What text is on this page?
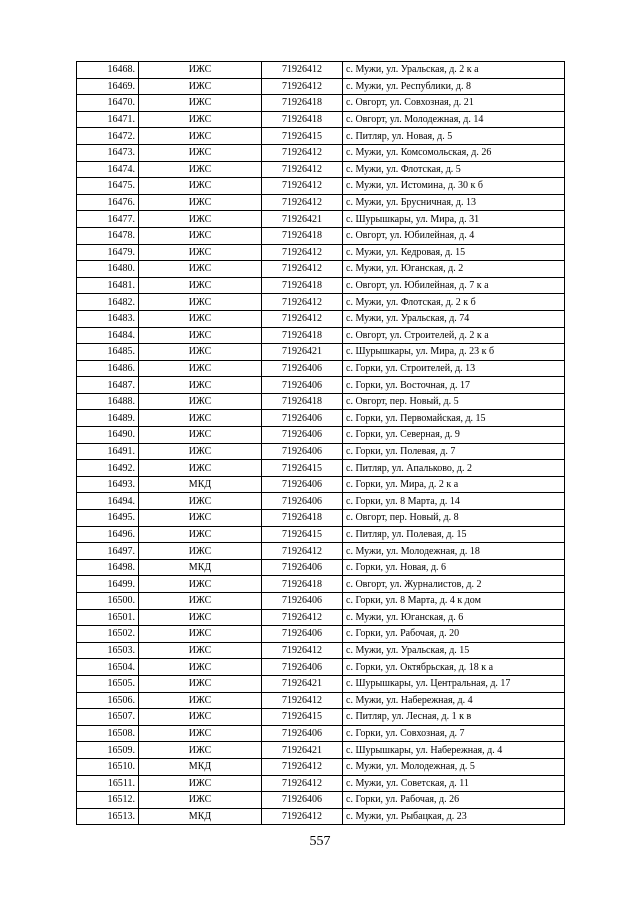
16468.	ИЖС	71926412	с. Мужи, ул. Уральская, д. 2 к а
16469.	ИЖС	71926412	с. Мужи, ул. Республики, д. 8
16470.	ИЖС	71926418	с. Овгорт, ул. Совхозная, д. 21
16471.	ИЖС	71926418	с. Овгорт, ул. Молодежная, д. 14
16472.	ИЖС	71926415	с. Питляр, ул. Новая, д. 5
16473.	ИЖС	71926412	с. Мужи, ул. Комсомольская, д. 26
16474.	ИЖС	71926412	с. Мужи, ул. Флотская, д. 5
16475.	ИЖС	71926412	с. Мужи, ул. Истомина, д. 30 к б
16476.	ИЖС	71926412	с. Мужи, ул. Брусничная, д. 13
16477.	ИЖС	71926421	с. Шурышкары, ул. Мира, д. 31
16478.	ИЖС	71926418	с. Овгорт, ул. Юбилейная, д. 4
16479.	ИЖС	71926412	с. Мужи, ул. Кедровая, д. 15
16480.	ИЖС	71926412	с. Мужи, ул. Юганская, д. 2
16481.	ИЖС	71926418	с. Овгорт, ул. Юбилейная, д. 7 к а
16482.	ИЖС	71926412	с. Мужи, ул. Флотская, д. 2 к б
16483.	ИЖС	71926412	с. Мужи, ул. Уральская, д. 74
16484.	ИЖС	71926418	с. Овгорт, ул. Строителей, д. 2 к а
16485.	ИЖС	71926421	с. Шурышкары, ул. Мира, д. 23 к б
16486.	ИЖС	71926406	с. Горки, ул. Строителей, д. 13
16487.	ИЖС	71926406	с. Горки, ул. Восточная, д. 17
16488.	ИЖС	71926418	с. Овгорт, пер. Новый, д. 5
16489.	ИЖС	71926406	с. Горки, ул. Первомайская, д. 15
16490.	ИЖС	71926406	с. Горки, ул. Северная, д. 9
16491.	ИЖС	71926406	с. Горки, ул. Полевая, д. 7
16492.	ИЖС	71926415	с. Питляр, ул. Апальково, д. 2
16493.	МКД	71926406	с. Горки, ул. Мира, д. 2 к а
16494.	ИЖС	71926406	с. Горки, ул. 8 Марта, д. 14
16495.	ИЖС	71926418	с. Овгорт, пер. Новый, д. 8
16496.	ИЖС	71926415	с. Питляр, ул. Полевая, д. 15
16497.	ИЖС	71926412	с. Мужи, ул. Молодежная, д. 18
16498.	МКД	71926406	с. Горки, ул. Новая, д. 6
16499.	ИЖС	71926418	с. Овгорт, ул. Журналистов, д. 2
16500.	ИЖС	71926406	с. Горки, ул. 8 Марта, д. 4 к дом
16501.	ИЖС	71926412	с. Мужи, ул. Юганская, д. 6
16502.	ИЖС	71926406	с. Горки, ул. Рабочая, д. 20
16503.	ИЖС	71926412	с. Мужи, ул. Уральская, д. 15
16504.	ИЖС	71926406	с. Горки, ул. Октябрьская, д. 18 к а
16505.	ИЖС	71926421	с. Шурышкары, ул. Центральная, д. 17
16506.	ИЖС	71926412	с. Мужи, ул. Набережная, д. 4
16507.	ИЖС	71926415	с. Питляр, ул. Лесная, д. 1 к в
16508.	ИЖС	71926406	с. Горки, ул. Совхозная, д. 7
16509.	ИЖС	71926421	с. Шурышкары, ул. Набережная, д. 4
16510.	МКД	71926412	с. Мужи, ул. Молодежная, д. 5
16511.	ИЖС	71926412	с. Мужи, ул. Советская, д. 11
16512.	ИЖС	71926406	с. Горки, ул. Рабочая, д. 26
16513.	МКД	71926412	с. Мужи, ул. Рыбацкая, д. 23
557
